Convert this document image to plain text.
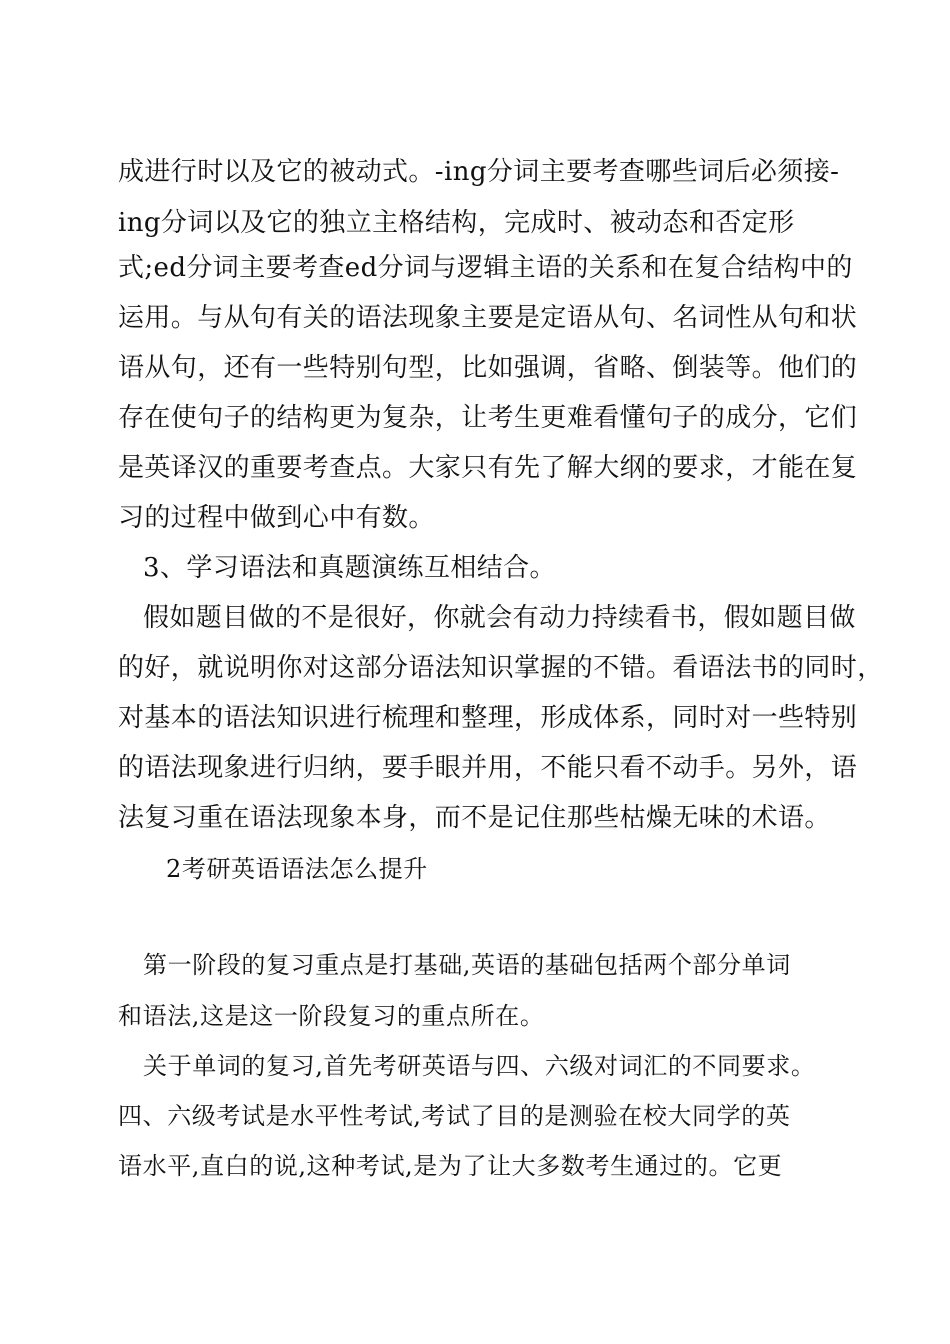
成进行时以及它的被动式。-ing分词主要考查哪些词后必须接-
ing分词以及它的独立主格结构，完成时、被动态和否定形
式;ed分词主要考查ed分词与逻辑主语的关系和在复合结构中的
运用。与从句有关的语法现象主要是定语从句、名词性从句和状
语从句，还有一些特别句型，比如强调，省略、倒装等。他们的
存在使句子的结构更为复杂，让考生更难看懂句子的成分，它们
是英译汉的重要考查点。大家只有先了解大纲的要求，才能在复
习的过程中做到心中有数。
3、学习语法和真题演练互相结合。
假如题目做的不是很好，你就会有动力持续看书，假如题目做
的好，就说明你对这部分语法知识掌握的不错。看语法书的同时，
对基本的语法知识进行梳理和整理，形成体系，同时对一些特别
的语法现象进行归纳，要手眼并用，不能只看不动手。另外，语
法复习重在语法现象本身，而不是记住那些枯燥无味的术语。
2考研英语语法怎么提升
第一阶段的复习重点是打基础,英语的基础包括两个部分单词
和语法,这是这一阶段复习的重点所在。
关于单词的复习,首先考研英语与四、六级对词汇的不同要求。
四、六级考试是水平性考试,考试了目的是测验在校大同学的英
语水平,直白的说,这种考试,是为了让大多数考生通过的。它更
